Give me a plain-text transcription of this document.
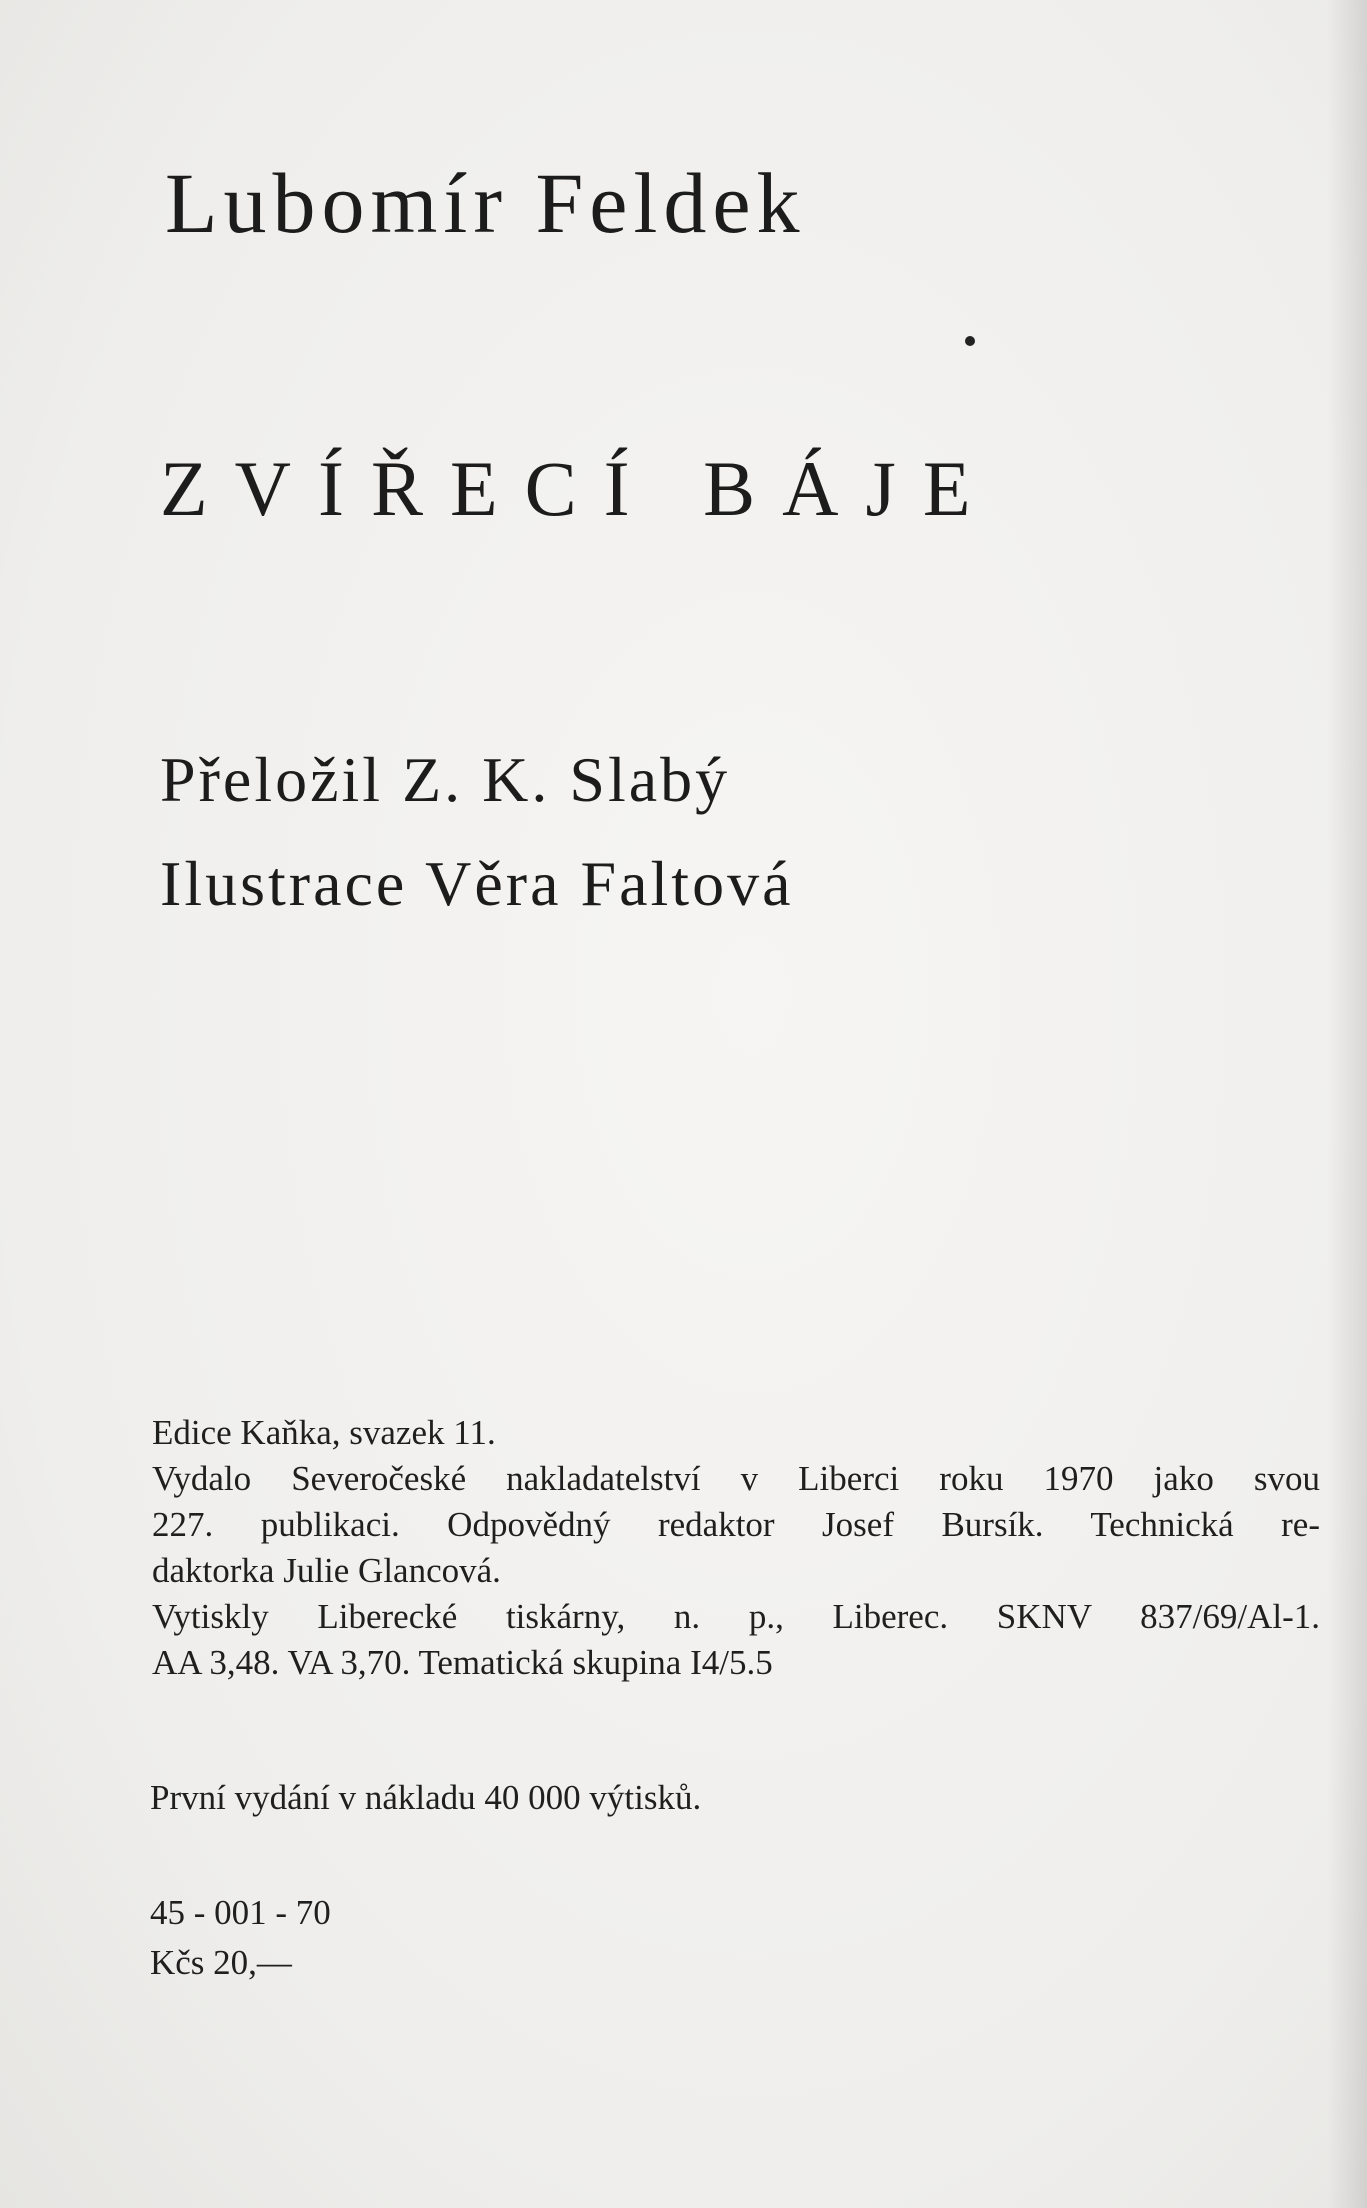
Lubomír Feldek
ZVÍŘECÍ BÁJE
Přeložil Z. K. Slabý
Ilustrace Věra Faltová
Edice Kaňka, svazek 11.
Vydalo Severočeské nakladatelství v Liberci roku 1970 jako svou
227. publikaci. Odpovědný redaktor Josef Bursík. Technická re-
daktorka Julie Glancová.
Vytiskly Liberecké tiskárny, n. p., Liberec. SKNV 837/69/Al-1.
AA 3,48. VA 3,70. Tematická skupina I4/5.5
První vydání v nákladu 40 000 výtisků.
45 - 001 - 70
Kčs 20,—
